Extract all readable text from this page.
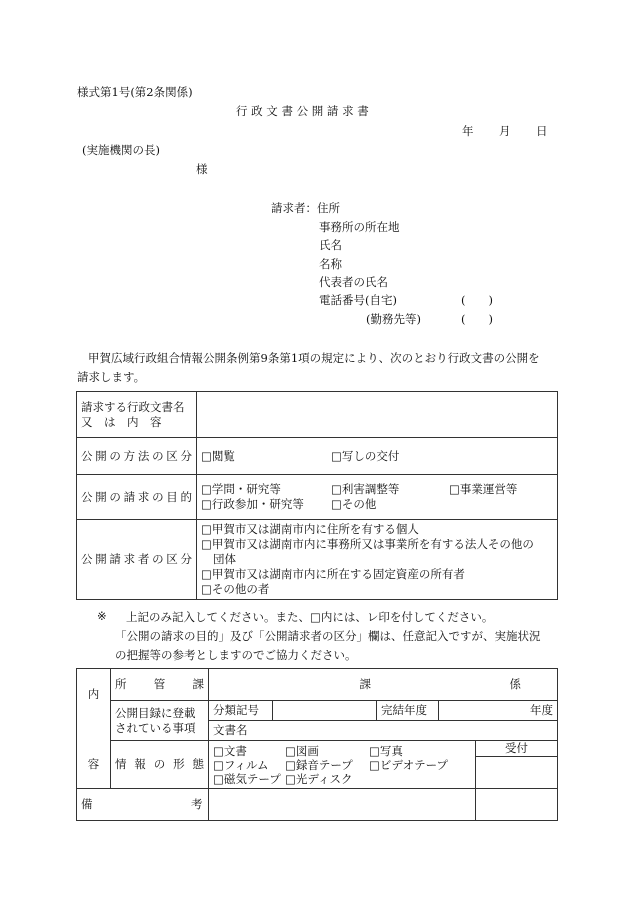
様式第1号(第2条関係)
行 政 文 書 公 開 請 求 書
年 月 日
(実施機関の長)
様
請求者：住所
事務所の所在地
氏名
名称
代表者の氏名
電話番号(自宅)	(　　)
(勤務先等)	(　　)
甲賀広域行政組合情報公開条例第9条第1項の規定により、次のとおり行政文書の公開を
請求します。
請求する行政文書名
又　は　内　容	

公開の方法の区分	□閲覧 □写しの交付
公開の請求の目的	□学問・研究等 □利害調整等 □事業運営等
□行政参加・研究等 □その他

公開請求者の区分	□甲賀市又は湖南市内に住所を有する個人
□甲賀市又は湖南市内に事務所又は事業所を有する法人その他の
団体
□甲賀市又は湖南市内に所在する固定資産の所有者
□その他の者
※ 上記のみ記入してください。また、□内には、レ印を付してください。
「公開の請求の目的」及び「公開請求者の区分」欄は、任意記入ですが、実施状況
の把握等の参考としますのでご協力ください。
内	所　管　課	課 係				

	公開目録に登載
されている事項	分類記号		完結年度	年度	
		文書名				
容	情 報 の 形 態	□文書 □図画 □写真
□フィルム □録音テープ □ビデオテープ
□磁気テープ □光ディスク				受付

備 考						
